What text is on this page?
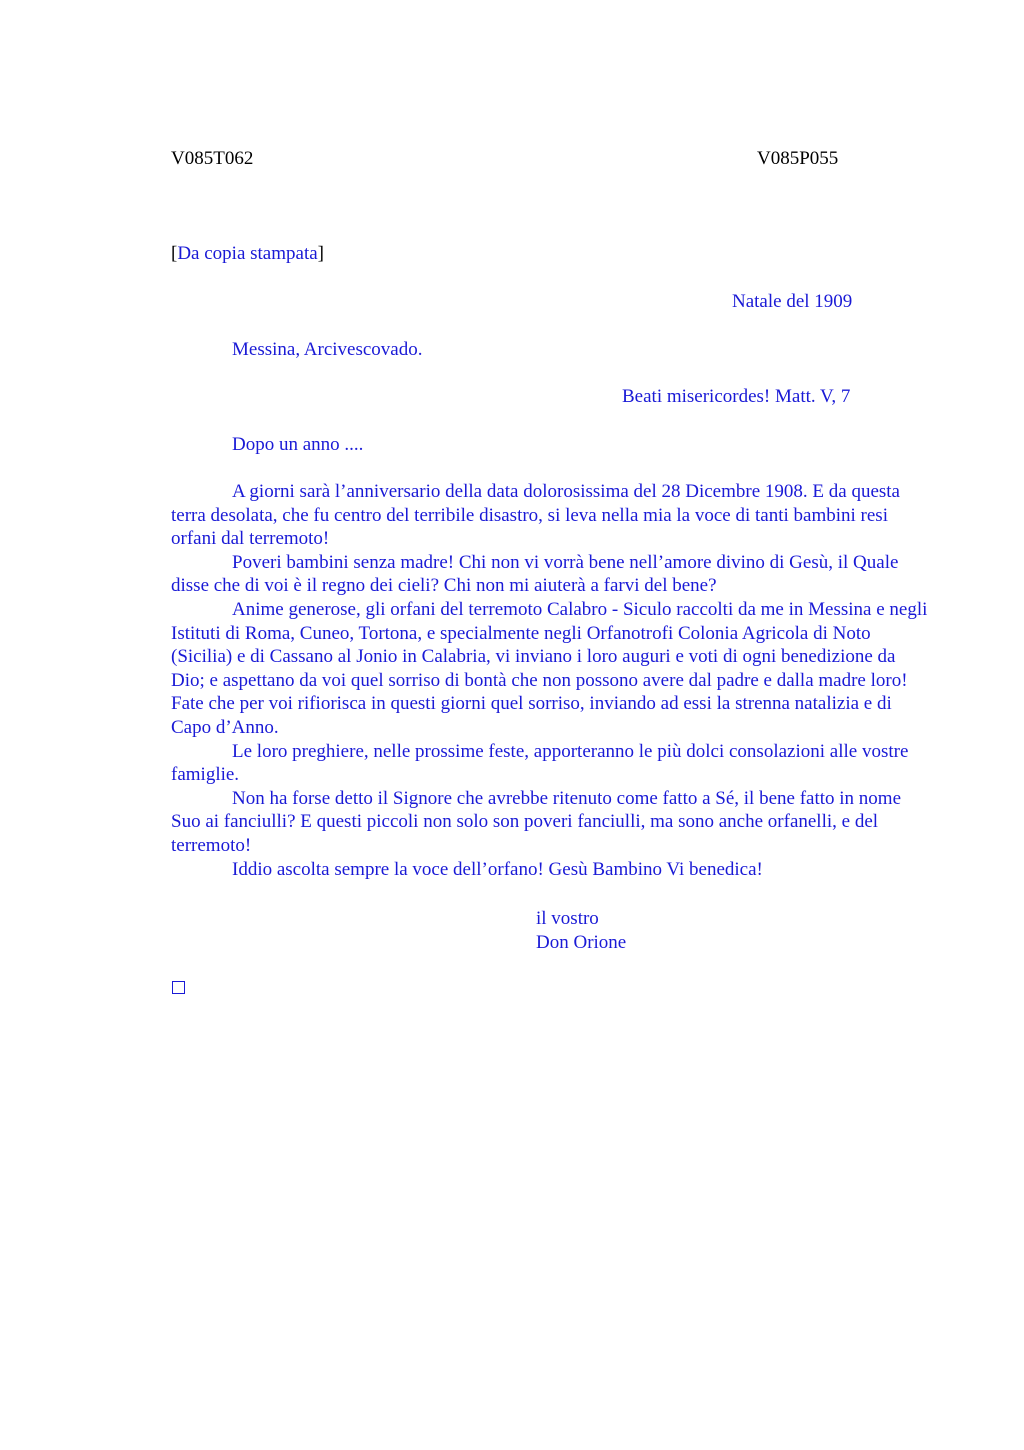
V085T062	V085P055
[Da copia stampata]
Natale del 1909
Messina, Arcivescovado.
Beati misericordes! Matt. V, 7
Dopo un anno ....

A giorni sarà l’anniversario della data dolorosissima del 28 Dicembre 1908. E da questa terra desolata, che fu centro del terribile disastro, si leva nella mia la voce di tanti bambini resi orfani dal terremoto!

Poveri bambini senza madre! Chi non vi vorrà bene nell’amore divino di Gesù, il Quale disse che di voi è il regno dei cieli? Chi non mi aiuterà a farvi del bene?

Anime generose, gli orfani del terremoto Calabro - Siculo raccolti da me in Messina e negli Istituti di Roma, Cuneo, Tortona, e specialmente negli Orfanotrofi Colonia Agricola di Noto (Sicilia) e di Cassano al Jonio in Calabria, vi inviano i loro auguri e voti di ogni benedizione da Dio; e aspettano da voi quel sorriso di bontà che non possono avere dal padre e dalla madre loro! Fate che per voi rifiorisca in questi giorni quel sorriso, inviando ad essi la strenna natalizia e di Capo d’Anno.

Le loro preghiere, nelle prossime feste, apporteranno le più dolci consolazioni alle vostre famiglie.

Non ha forse detto il Signore che avrebbe ritenuto come fatto a Sé, il bene fatto in nome Suo ai fanciulli? E questi piccoli non solo son poveri fanciulli, ma sono anche orfanelli, e del terremoto!

Iddio ascolta sempre la voce dell’orfano! Gesù Bambino Vi benedica!

il vostro
Don Orione
